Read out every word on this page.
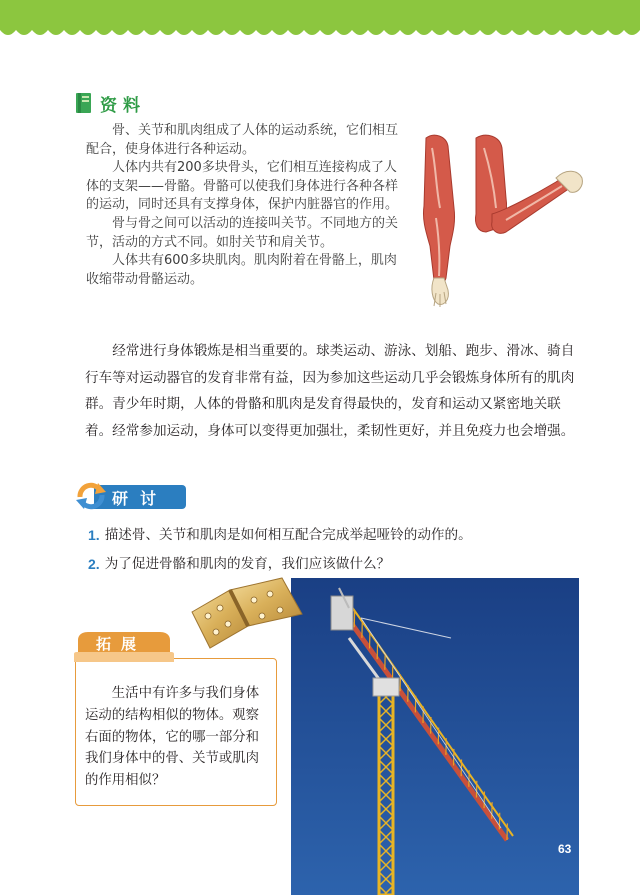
资料

骨、关节和肌肉组成了人体的运动系统，它们相互配合，使身体进行各种运动。

人体内共有200多块骨头，它们相互连接构成了人体的支架——骨骼。骨骼可以使我们身体进行各种各样的运动，同时还具有支撑身体，保护内脏器官的作用。

骨与骨之间可以活动的连接叫关节。不同地方的关节，活动的方式不同。如肘关节和肩关节。

人体共有600多块肌肉。肌肉附着在骨骼上，肌肉收缩带动骨骼运动。

经常进行身体锻炼是相当重要的。球类运动、游泳、划船、跑步、滑冰、骑自行车等对运动器官的发育非常有益，因为参加这些运动几乎会锻炼身体所有的肌肉群。青少年时期，人体的骨骼和肌肉是发育得最快的，发育和运动又紧密地关联着。经常参加运动，身体可以变得更加强壮，柔韧性更好，并且免疫力也会增强。

研讨
1. 描述骨、关节和肌肉是如何相互配合完成举起哑铃的动作的。
2. 为了促进骨骼和肌肉的发育，我们应该做什么？
63
拓展

生活中有许多与我们身体运动的结构相似的物体。观察右面的物体，它的哪一部分和我们身体中的骨、关节或肌肉的作用相似？
